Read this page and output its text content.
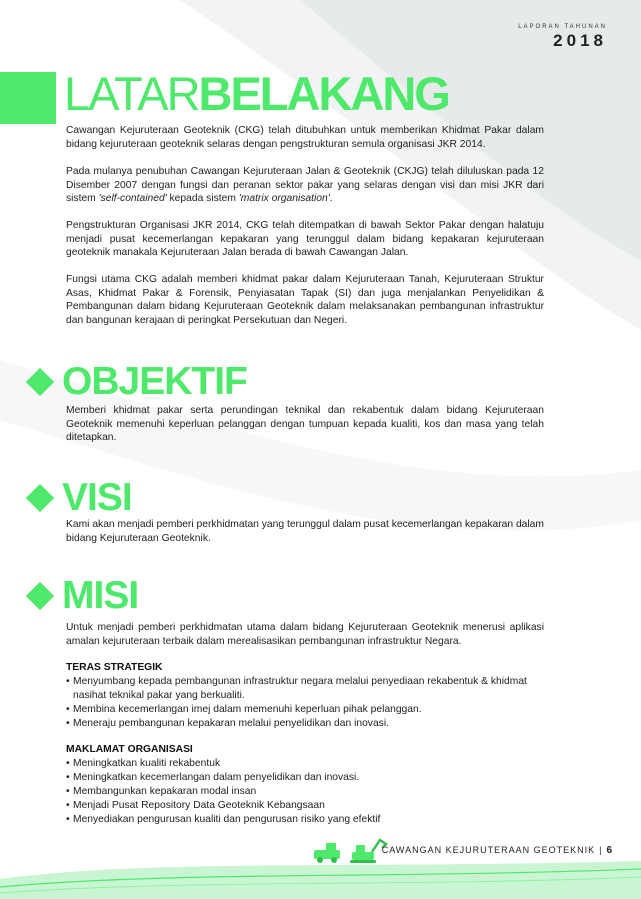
LAPORAN TAHUNAN
2018
LATARBELAKANG

Cawangan Kejuruteraan Geoteknik (CKG) telah ditubuhkan untuk memberikan Khidmat Pakar dalam bidang kejuruteraan geoteknik selaras dengan pengstrukturan semula organisasi JKR 2014.

Pada mulanya penubuhan Cawangan Kejuruteraan Jalan & Geoteknik (CKJG) telah diluluskan pada 12 Disember 2007 dengan fungsi dan peranan sektor pakar yang selaras dengan visi dan misi JKR dari sistem 'self-contained' kepada sistem 'matrix organisation'.

Pengstrukturan Organisasi JKR 2014, CKG telah ditempatkan di bawah Sektor Pakar dengan halatuju menjadi pusat kecemerlangan kepakaran yang terunggul dalam bidang kepakaran kejuruteraan geoteknik manakala Kejuruteraan Jalan berada di bawah Cawangan Jalan.

Fungsi utama CKG adalah memberi khidmat pakar dalam Kejuruteraan Tanah, Kejuruteraan Struktur Asas, Khidmat Pakar & Forensik, Penyiasatan Tapak (SI) dan juga menjalankan Penyelidikan & Pembangunan dalam bidang Kejuruteraan Geoteknik dalam melaksanakan pembangunan infrastruktur dan bangunan kerajaan di peringkat Persekutuan dan Negeri.

OBJEKTIF

Memberi khidmat pakar serta perundingan teknikal dan rekabentuk dalam bidang Kejuruteraan Geoteknik memenuhi keperluan pelanggan dengan tumpuan kepada kualiti, kos dan masa yang telah ditetapkan.

VISI

Kami akan menjadi pemberi perkhidmatan yang terunggul dalam pusat kecemerlangan kepakaran dalam bidang Kejuruteraan Geoteknik.

MISI

Untuk menjadi pemberi perkhidmatan utama dalam bidang Kejuruteraan Geoteknik menerusi aplikasi amalan kejuruteraan terbaik dalam merealisasikan pembangunan infrastruktur Negara.

TERAS STRATEGIK
• Menyumbang kepada pembangunan infrastruktur negara melalui penyediaan rekabentuk & khidmat nasihat teknikal pakar yang berkualiti.
• Membina kecemerlangan imej dalam memenuhi keperluan pihak pelanggan.
• Meneraju pembangunan kepakaran melalui penyelidikan dan inovasi.
MAKLAMAT ORGANISASI
• Meningkatkan kualiti rekabentuk
• Meningkatkan kecemerlangan dalam penyelidikan dan inovasi.
• Membangunkan kepakaran modal insan
• Menjadi Pusat Repository Data Geoteknik Kebangsaan
• Menyediakan pengurusan kualiti dan pengurusan risiko yang efektif
CAWANGAN KEJURUTERAAN GEOTEKNIK | 6
